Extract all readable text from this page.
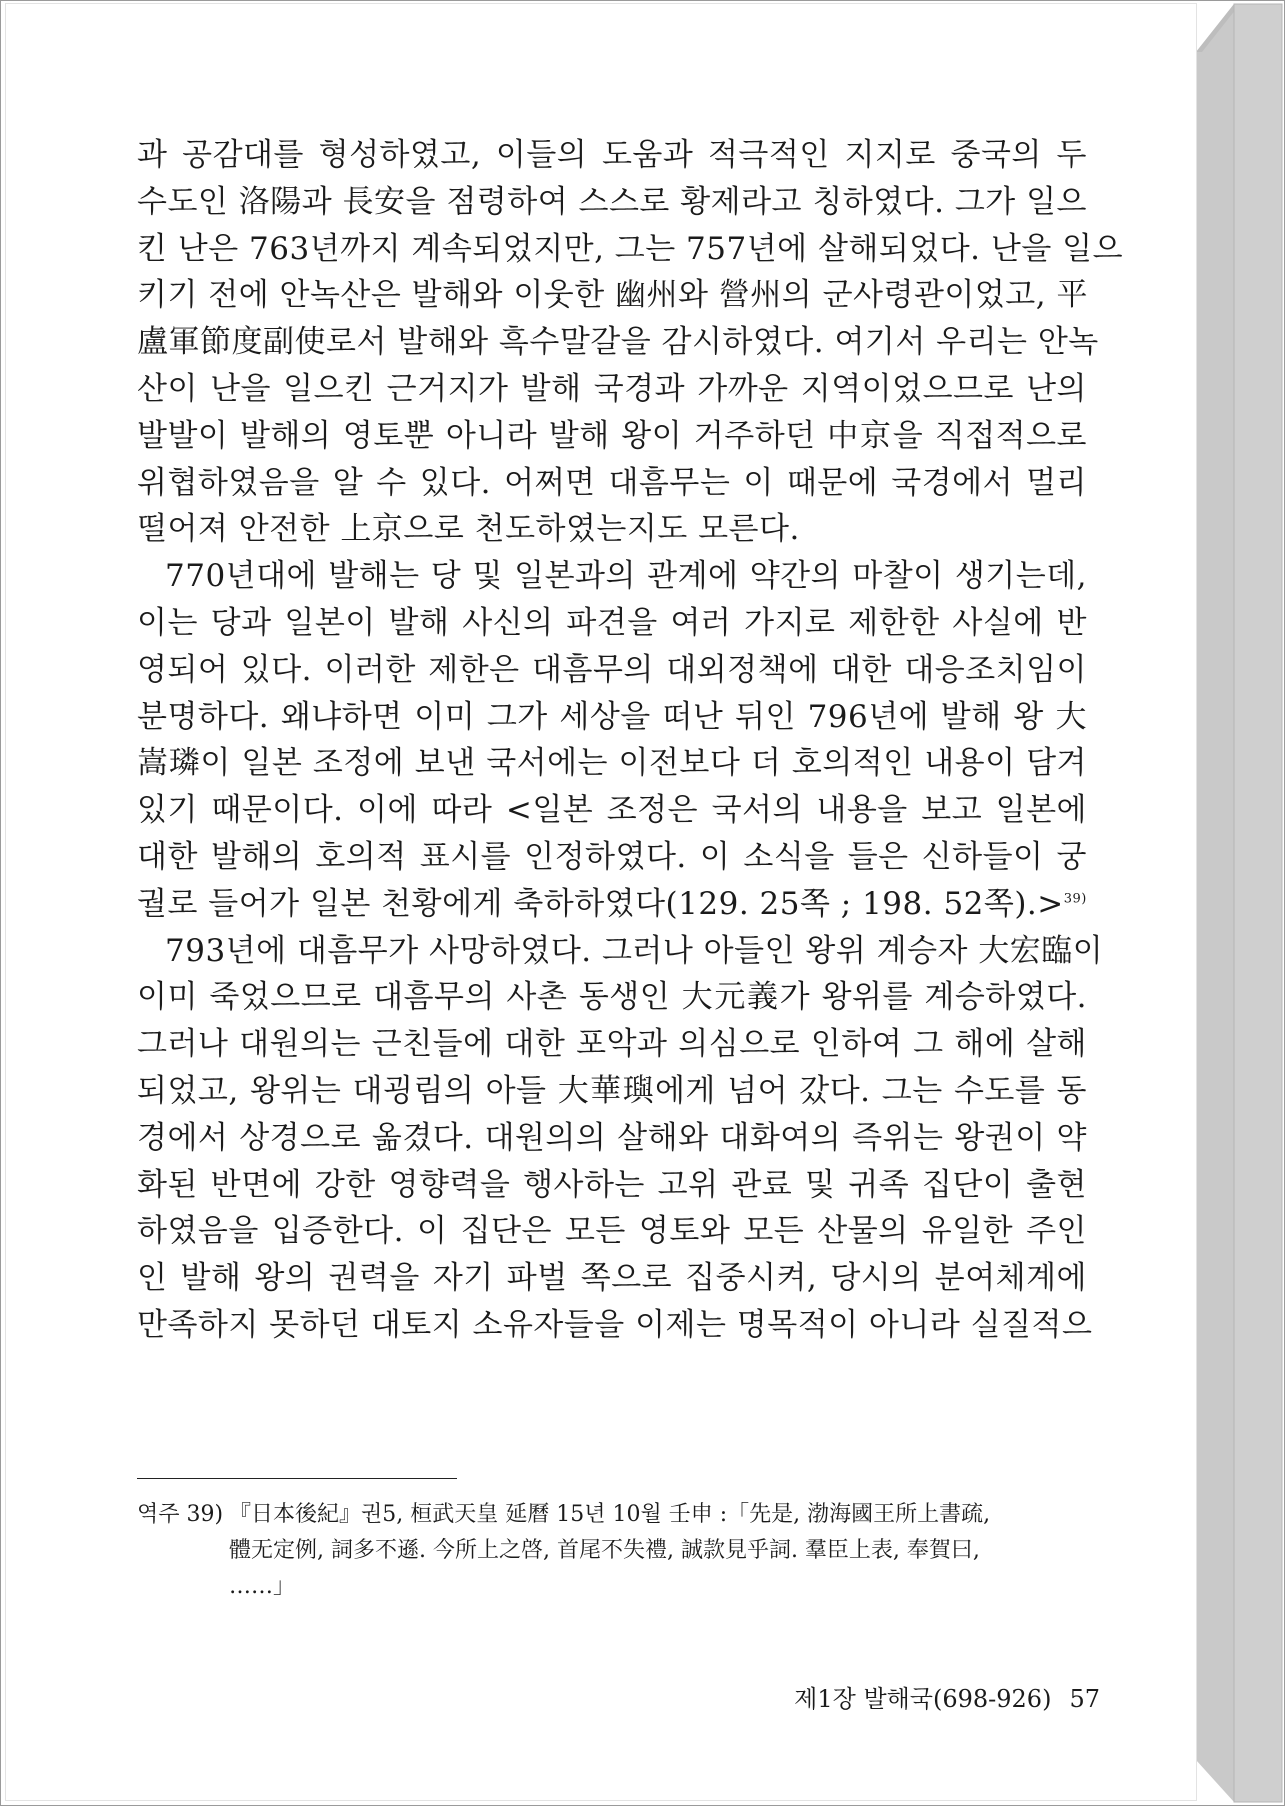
과 공감대를 형성하였고, 이들의 도움과 적극적인 지지로 중국의 두
수도인 洛陽과 長安을 점령하여 스스로 황제라고 칭하였다. 그가 일으
킨 난은 763년까지 계속되었지만, 그는 757년에 살해되었다. 난을 일으
키기 전에 안녹산은 발해와 이웃한 幽州와 營州의 군사령관이었고, 平
盧軍節度副使로서 발해와 흑수말갈을 감시하였다. 여기서 우리는 안녹
산이 난을 일으킨 근거지가 발해 국경과 가까운 지역이었으므로 난의
발발이 발해의 영토뿐 아니라 발해 왕이 거주하던 中京을 직접적으로
위협하였음을 알 수 있다. 어쩌면 대흠무는 이 때문에 국경에서 멀리
떨어져 안전한 上京으로 천도하였는지도 모른다.
770년대에 발해는 당 및 일본과의 관계에 약간의 마찰이 생기는데,
이는 당과 일본이 발해 사신의 파견을 여러 가지로 제한한 사실에 반
영되어 있다. 이러한 제한은 대흠무의 대외정책에 대한 대응조치임이
분명하다. 왜냐하면 이미 그가 세상을 떠난 뒤인 796년에 발해 왕 大
嵩璘이 일본 조정에 보낸 국서에는 이전보다 더 호의적인 내용이 담겨
있기 때문이다. 이에 따라 <일본 조정은 국서의 내용을 보고 일본에
대한 발해의 호의적 표시를 인정하였다. 이 소식을 들은 신하들이 궁
궐로 들어가 일본 천황에게 축하하였다(129. 25쪽 ; 198. 52쪽).>$^{39)}$
793년에 대흠무가 사망하였다. 그러나 아들인 왕위 계승자 大宏臨이
이미 죽었으므로 대흠무의 사촌 동생인 大元義가 왕위를 계승하였다.
그러나 대원의는 근친들에 대한 포악과 의심으로 인하여 그 해에 살해
되었고, 왕위는 대굉림의 아들 大華璵에게 넘어 갔다. 그는 수도를 동
경에서 상경으로 옮겼다. 대원의의 살해와 대화여의 즉위는 왕권이 약
화된 반면에 강한 영향력을 행사하는 고위 관료 및 귀족 집단이 출현
하였음을 입증한다. 이 집단은 모든 영토와 모든 산물의 유일한 주인
인 발해 왕의 권력을 자기 파벌 쪽으로 집중시켜, 당시의 분여체계에
만족하지 못하던 대토지 소유자들을 이제는 명목적이 아니라 실질적으
역주 39) 『日本後紀』권5, 桓武天皇 延曆 15년 10월 壬申 :「先是, 渤海國王所上書疏,
體无定例, 詞多不遜. 今所上之啓, 首尾不失禮, 誠款見乎詞. 羣臣上表, 奉賀曰,
……」
제1장 발해국(698-926) 57
